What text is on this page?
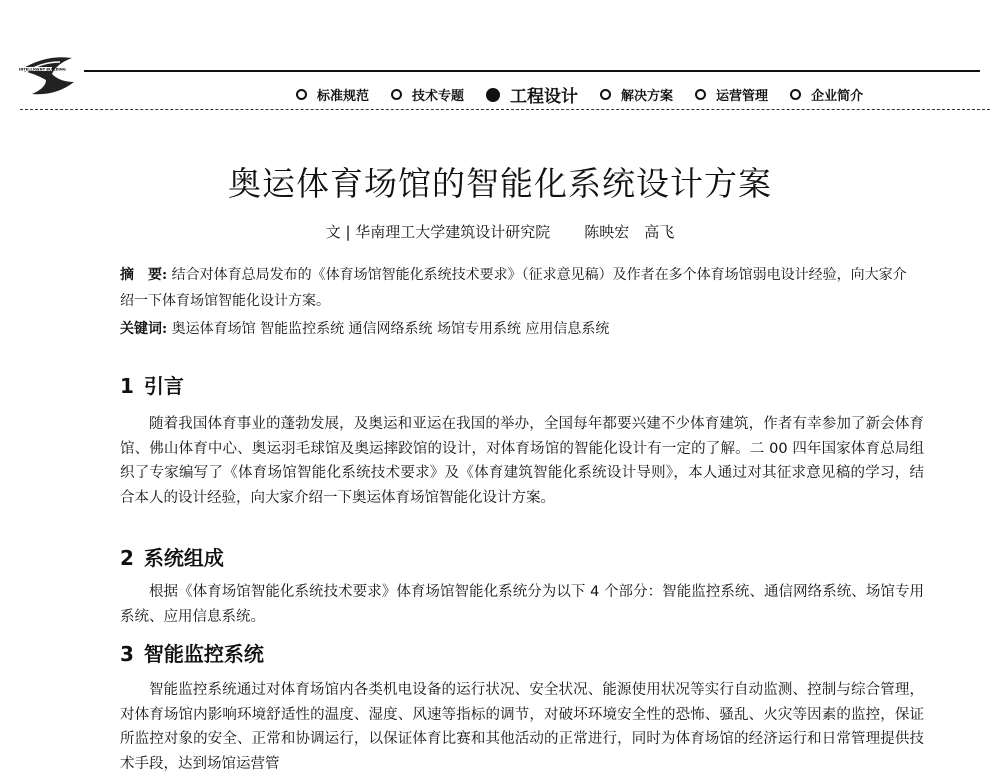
INTELLIGENT BUILDING
标准规范	技术专题	工程设计	解决方案	运营管理	企业简介
奥运体育场馆的智能化系统设计方案
文 | 华南理工大学建筑设计研究院 陈映宏　高飞
摘　要: 结合对体育总局发布的《体育场馆智能化系统技术要求》（征求意见稿）及作者在多个体育场馆弱电设计经验，向大家介绍一下体育场馆智能化设计方案。
关键词: 奥运体育场馆 智能监控系统 通信网络系统 场馆专用系统 应用信息系统
1 引言
随着我国体育事业的蓬勃发展，及奥运和亚运在我国的举办，全国每年都要兴建不少体育建筑，作者有幸参加了新会体育馆、佛山体育中心、奥运羽毛球馆及奥运摔跤馆的设计，对体育场馆的智能化设计有一定的了解。二 00 四年国家体育总局组织了专家编写了《体育场馆智能化系统技术要求》及《体育建筑智能化系统设计导则》，本人通过对其征求意见稿的学习，结合本人的设计经验，向大家介绍一下奥运体育场馆智能化设计方案。
2 系统组成
根据《体育场馆智能化系统技术要求》体育场馆智能化系统分为以下 4 个部分：智能监控系统、通信网络系统、场馆专用系统、应用信息系统。
3 智能监控系统
智能监控系统通过对体育场馆内各类机电设备的运行状况、安全状况、能源使用状况等实行自动监测、控制与综合管理，对体育场馆内影响环境舒适性的温度、湿度、风速等指标的调节，对破坏环境安全性的恐怖、骚乱、火灾等因素的监控，保证所监控对象的安全、正常和协调运行，以保证体育比赛和其他活动的正常进行，同时为体育场馆的经济运行和日常管理提供技术手段，达到场馆运营管
